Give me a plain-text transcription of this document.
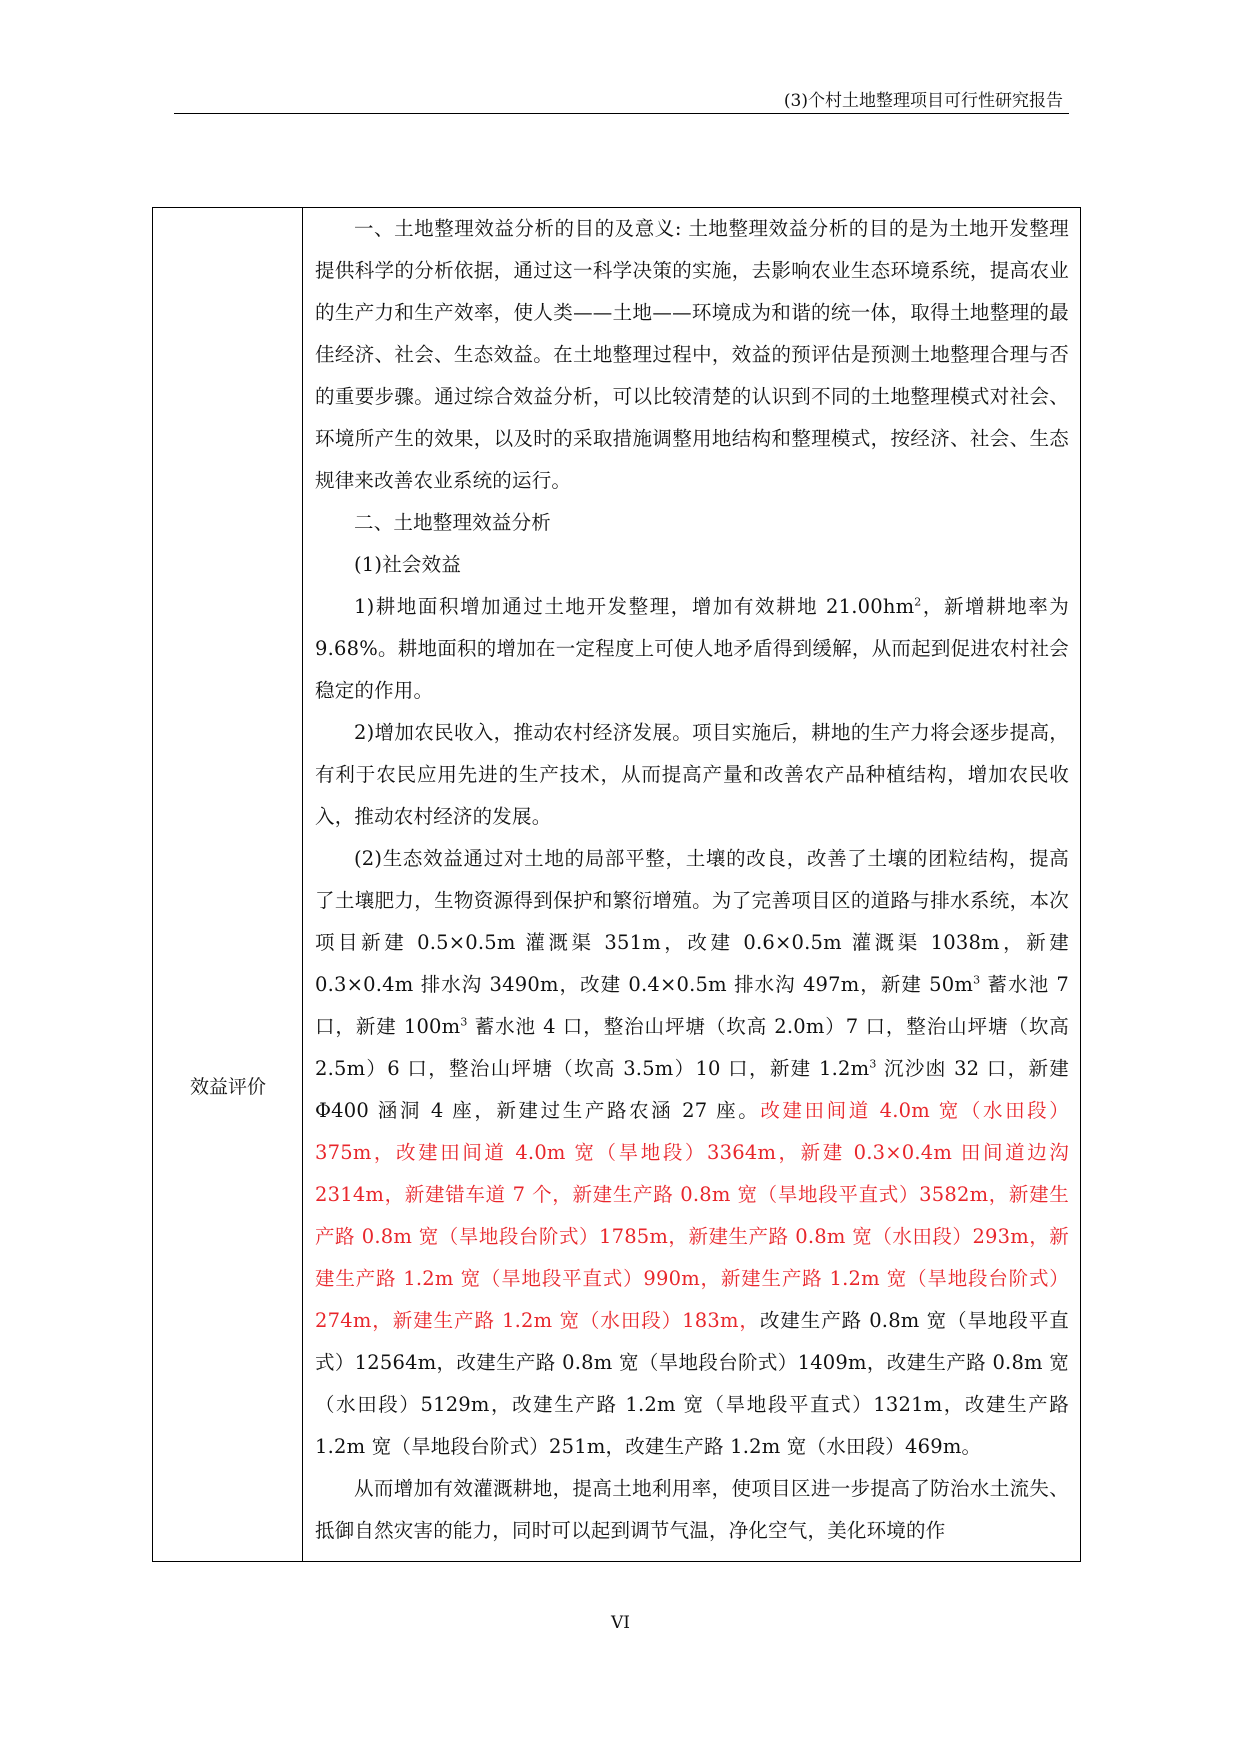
(3)个村土地整理项目可行性研究报告
效益评价

一、土地整理效益分析的目的及意义: 土地整理效益分析的目的是为土地开发整理提供科学的分析依据，通过这一科学决策的实施，去影响农业生态环境系统，提高农业的生产力和生产效率，使人类——土地——环境成为和谐的统一体，取得土地整理的最佳经济、社会、生态效益。在土地整理过程中，效益的预评估是预测土地整理合理与否的重要步骤。通过综合效益分析，可以比较清楚的认识到不同的土地整理模式对社会、环境所产生的效果，以及时的采取措施调整用地结构和整理模式，按经济、社会、生态规律来改善农业系统的运行。

二、土地整理效益分析

(1)社会效益

1)耕地面积增加通过土地开发整理，增加有效耕地 $21.00hm^2$，新增耕地率为 9.68%。耕地面积的增加在一定程度上可使人地矛盾得到缓解，从而起到促进农村社会稳定的作用。

2)增加农民收入，推动农村经济发展。项目实施后，耕地的生产力将会逐步提高，有利于农民应用先进的生产技术，从而提高产量和改善农产品种植结构，增加农民收入，推动农村经济的发展。

(2)生态效益通过对土地的局部平整，土壤的改良，改善了土壤的团粒结构，提高了土壤肥力，生物资源得到保护和繁衍增殖。为了完善项目区的道路与排水系统，本次项目新建 0.5×0.5m 灌溉渠 351m，改建 0.6×0.5m 灌溉渠 1038m，新建 0.3×0.4m 排水沟 3490m，改建 0.4×0.5m 排水沟 497m，新建 $50m^3$ 蓄水池 7 口，新建 $100m^3$ 蓄水池 4 口，整治山坪塘（坎高 2.0m）7 口，整治山坪塘（坎高 2.5m）6 口，整治山坪塘（坎高 3.5m）10 口，新建 $1.2m^3$ 沉沙凼 32 口，新建 Φ400 涵洞 4 座，新建过生产路农涵 27 座。改建田间道 4.0m 宽（水田段）375m，改建田间道 4.0m 宽（旱地段）3364m，新建 0.3×0.4m 田间道边沟 2314m，新建错车道 7 个，新建生产路 0.8m 宽（旱地段平直式）3582m，新建生产路 0.8m 宽（旱地段台阶式）1785m，新建生产路 0.8m 宽（水田段）293m，新建生产路 1.2m 宽（旱地段平直式）990m，新建生产路 1.2m 宽（旱地段台阶式）274m，新建生产路 1.2m 宽（水田段）183m，改建生产路 0.8m 宽（旱地段平直式）12564m，改建生产路 0.8m 宽（旱地段台阶式）1409m，改建生产路 0.8m 宽（水田段）5129m，改建生产路 1.2m 宽（旱地段平直式）1321m，改建生产路 1.2m 宽（旱地段台阶式）251m，改建生产路 1.2m 宽（水田段）469m。

从而增加有效灌溉耕地，提高土地利用率，使项目区进一步提高了防治水土流失、抵御自然灾害的能力，同时可以起到调节气温，净化空气，美化环境的作

VI
